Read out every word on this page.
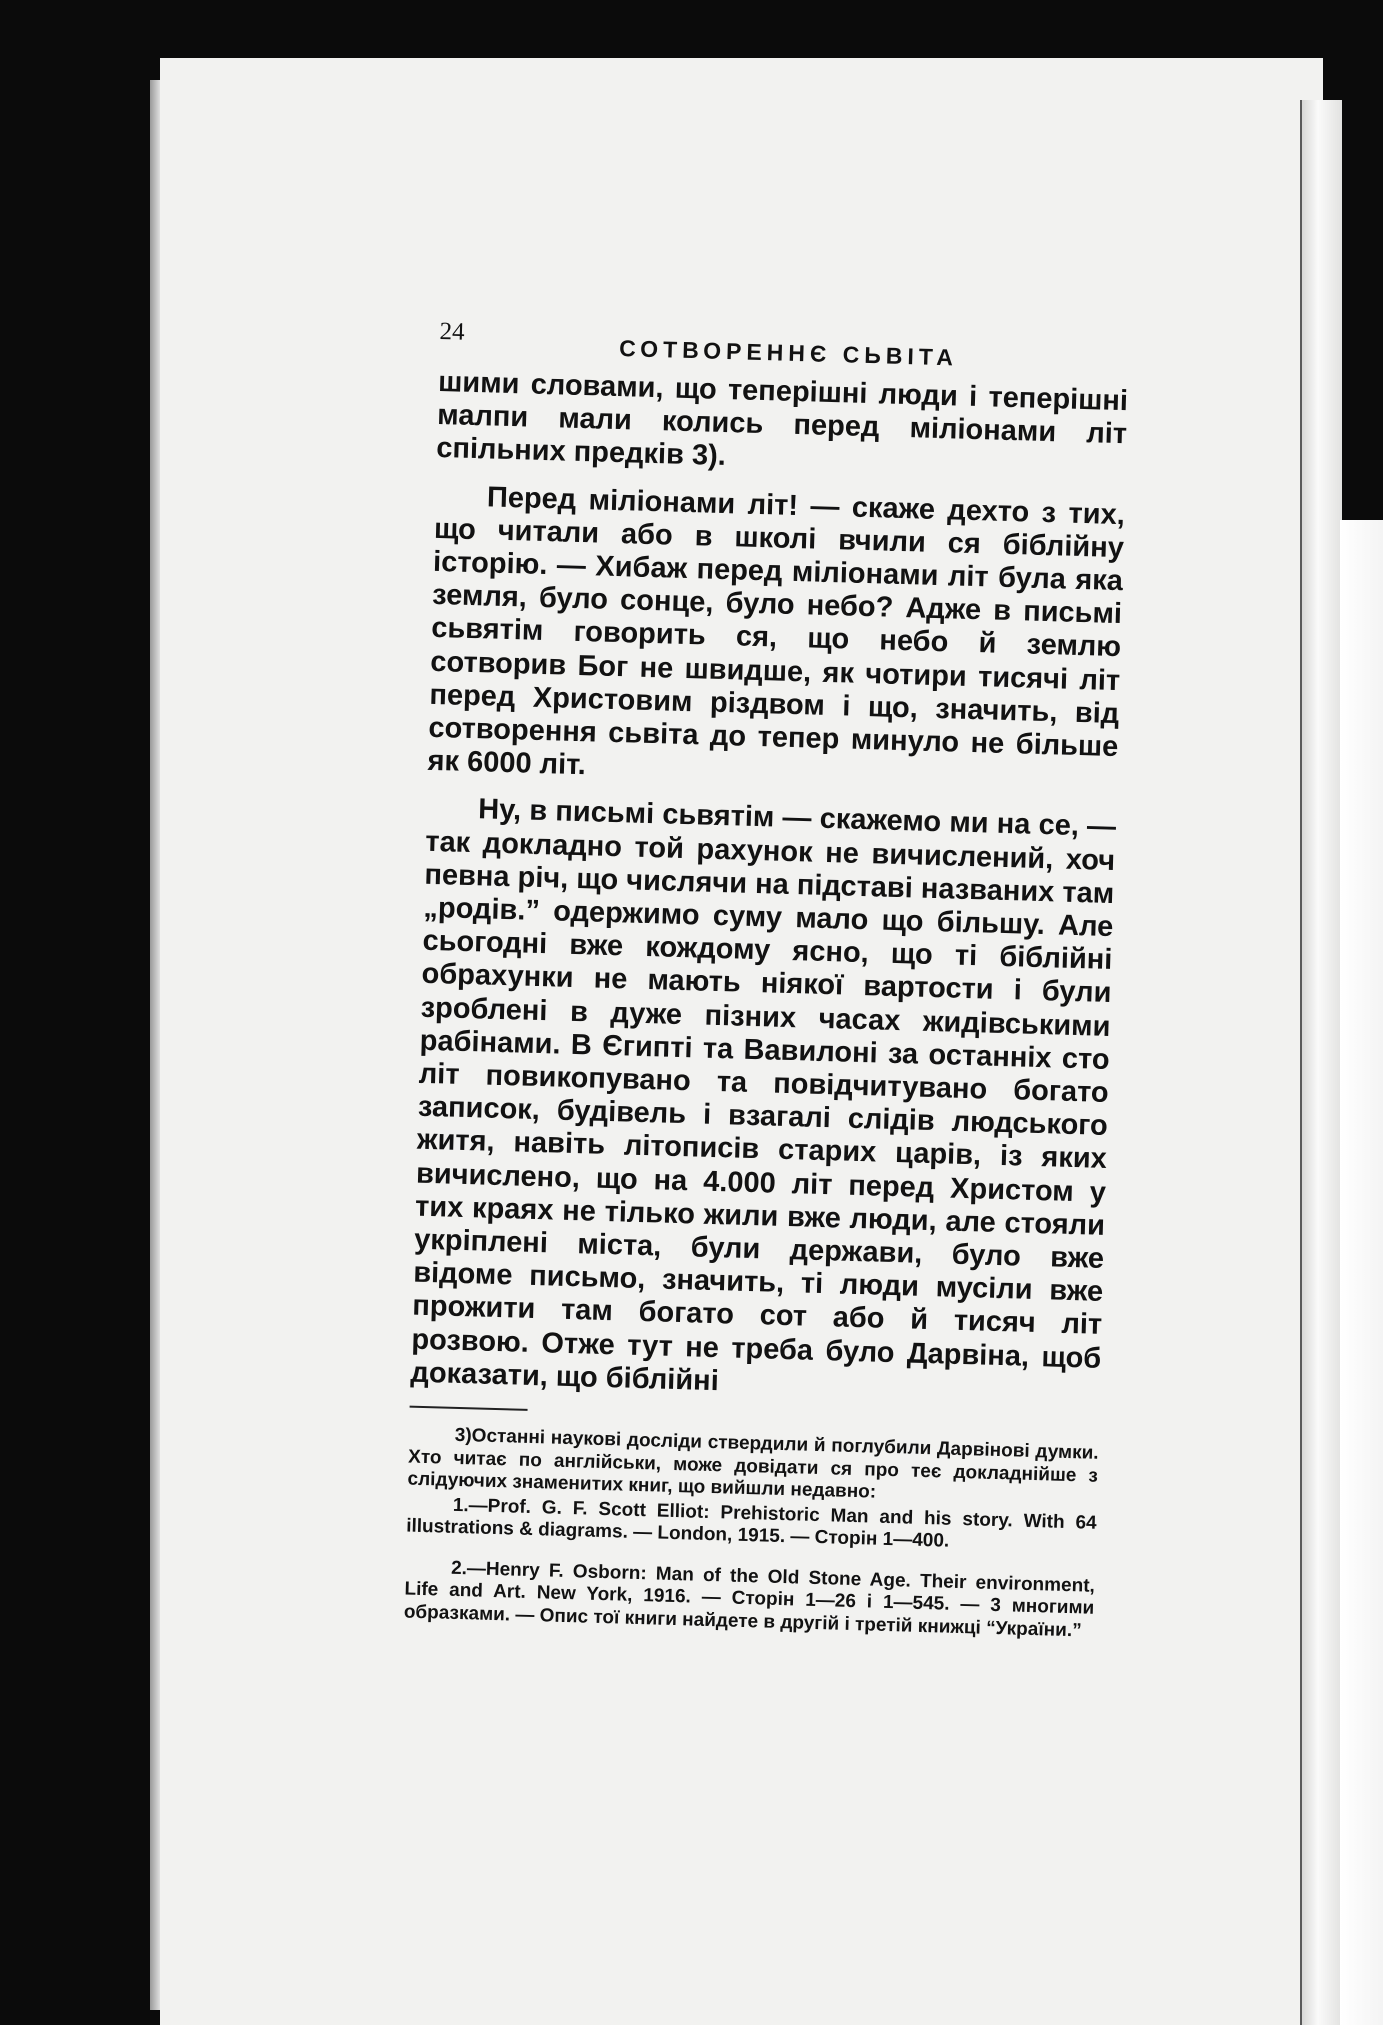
24
СОТВОРЕННЄ СЬВІТА

шими словами, що теперішні люди і теперішні малпи мали колись перед міліонами літ спільних предків 3).

Перед міліонами літ! — скаже дехто з тих, що читали або в школі вчили ся біблійну історію. — Хибаж перед міліонами літ була яка земля, було сонце, було небо? Адже в письмі сьвятім говорить ся, що небо й землю сотворив Бог не швидше, як чотири тисячі літ перед Христовим різдвом і що, значить, від сотворення сьвіта до тепер минуло не більше як 6000 літ.

Ну, в письмі сьвятім — скажемо ми на се, — так докладно той рахунок не вичислений, хоч певна річ, що числячи на підставі названих там „родів.” одержимо суму мало що більшу. Але сьогодні вже кождому ясно, що ті біблійні обрахунки не мають ніякої вартости і були зроблені в дуже пізних часах жидівськими рабінами. В Єгипті та Вавилоні за останніх сто літ повикопувано та повідчитувано богато записок, будівель і взагалі слідів людського житя, навіть літописів старих царів, із яких вичислено, що на 4.000 літ перед Христом у тих краях не тілько жили вже люди, але стояли укріплені міста, були держави, було вже відоме письмо, значить, ті люди мусіли вже прожити там богато сот або й тисяч літ розвою. Отже тут не треба було Дарвіна, щоб доказати, що біблійні

3)Останні наукові досліди ствердили й поглубили Дарвінові думки. Хто читає по англійськи, може довідати ся про тeє докладнійше з слідуючих знаменитих книг, що вийшли недавно:

1.—Prof. G. F. Scott Elliot: Prehistoric Man and his story. With 64 illustrations & diagrams. — London, 1915. — Сторін 1—400.

2.—Henry F. Osborn: Man of the Old Stone Age. Their environment, Life and Art. New York, 1916. — Сторін 1—26 і 1—545. — 3 многими образками. — Опис тої книги найдете в другій і третій книжці “України.”
